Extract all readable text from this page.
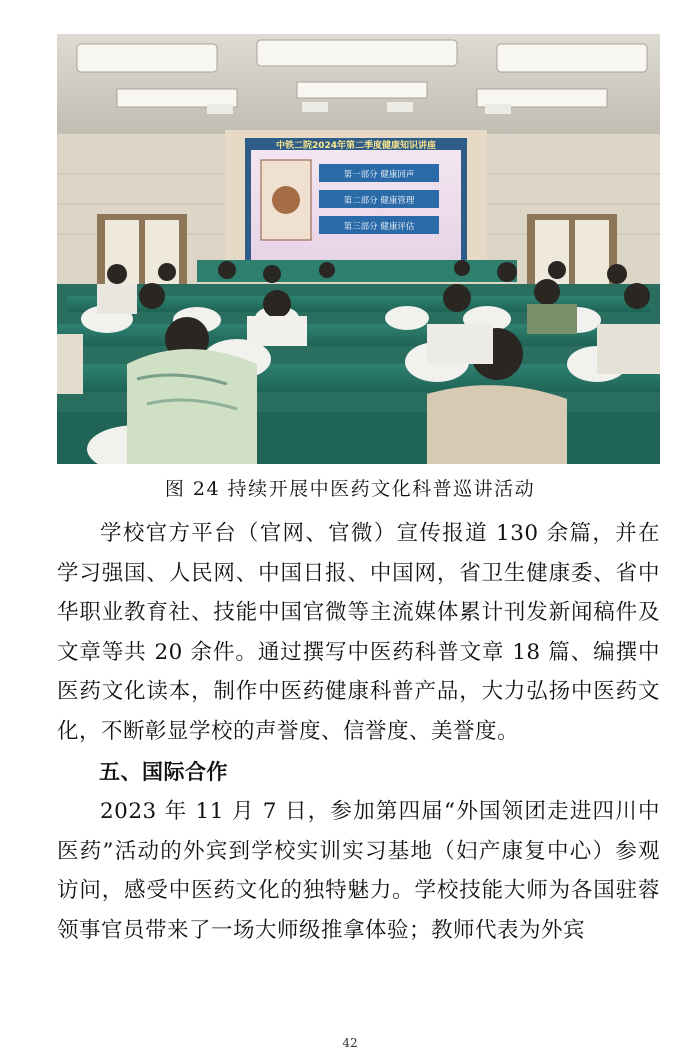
中铁二院2024年第二季度健康知识讲座
第一部分 健康回声
第二部分 健康管理
第三部分 健康评估
图 24 持续开展中医药文化科普巡讲活动

学校官方平台（官网、官微）宣传报道 130 余篇，并在学习强国、人民网、中国日报、中国网，省卫生健康委、省中华职业教育社、技能中国官微等主流媒体累计刊发新闻稿件及文章等共 20 余件。通过撰写中医药科普文章 18 篇、编撰中医药文化读本，制作中医药健康科普产品，大力弘扬中医药文化，不断彰显学校的声誉度、信誉度、美誉度。

五、国际合作

2023 年 11 月 7 日，参加第四届“外国领团走进四川中医药”活动的外宾到学校实训实习基地（妇产康复中心）参观访问，感受中医药文化的独特魅力。学校技能大师为各国驻蓉领事官员带来了一场大师级推拿体验；教师代表为外宾

42
